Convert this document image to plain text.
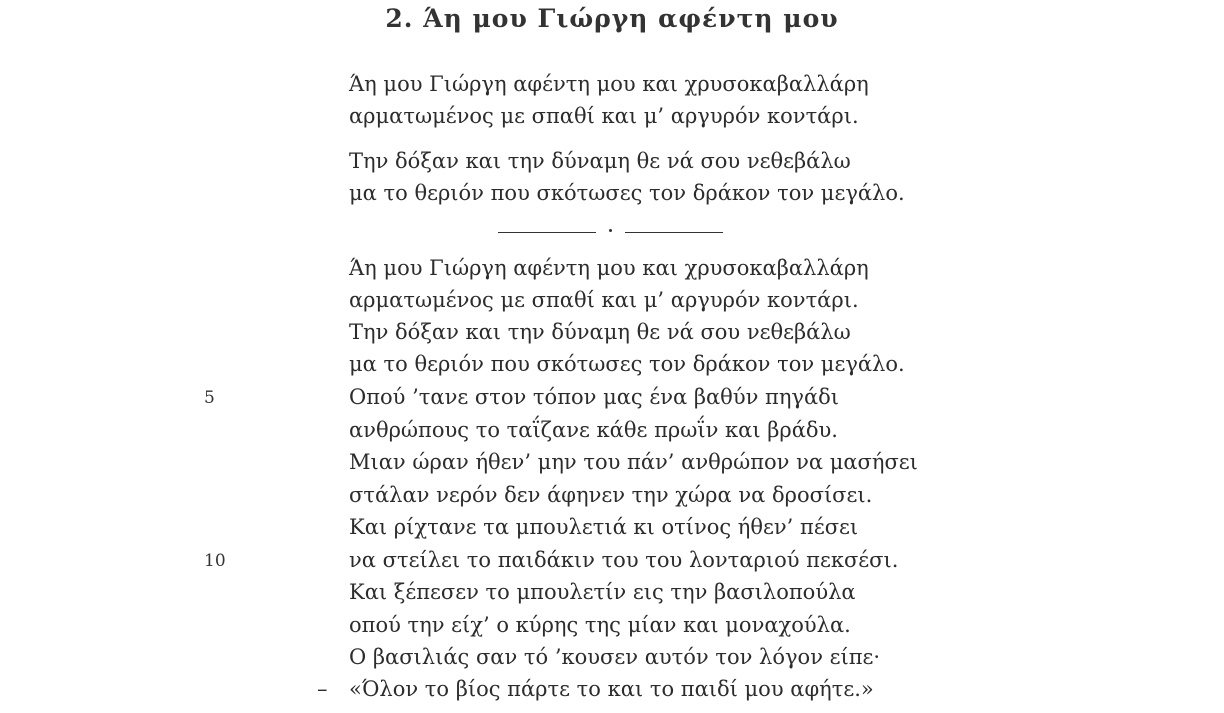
2. Άη μου Γιώργη αφέντη μου
Άη μου Γιώργη αφέντη μου και χρυσοκαβαλλάρη
αρματωμένος με σπαθί και μ’ αργυρόν κοντάρι.
Την δόξαν και την δύναμη θε νά σου νεθεβάλω
μα το θεριόν που σκότωσες τον δράκον τον μεγάλο.
Άη μου Γιώργη αφέντη μου και χρυσοκαβαλλάρη
αρματωμένος με σπαθί και μ’ αργυρόν κοντάρι.
Την δόξαν και την δύναμη θε νά σου νεθεβάλω
μα το θεριόν που σκότωσες τον δράκον τον μεγάλο.
Οπού ’τανε στον τόπον μας ένα βαθύν πηγάδι
ανθρώπους το ταΐζανε κάθε πρωΐν και βράδυ.
Μιαν ώραν ήθεν’ μην του πάν’ ανθρώπον να μασήσει
στάλαν νερόν δεν άφηνεν την χώρα να δροσίσει.
Και ρίχτανε τα μπουλετιά κι οτίνος ήθεν’ πέσει
να στείλει το παιδάκιν του του λονταριού πεκσέσι.
Και ξέπεσεν το μπουλετίν εις την βασιλοπούλα
οπού την είχ’ ο κύρης της μίαν και μοναχούλα.
Ο βασιλιάς σαν τό ’κουσεν αυτόν τον λόγον είπε·
«Όλον το βίος πάρτε το και το παιδί μου αφήτε.»
5
10
–
